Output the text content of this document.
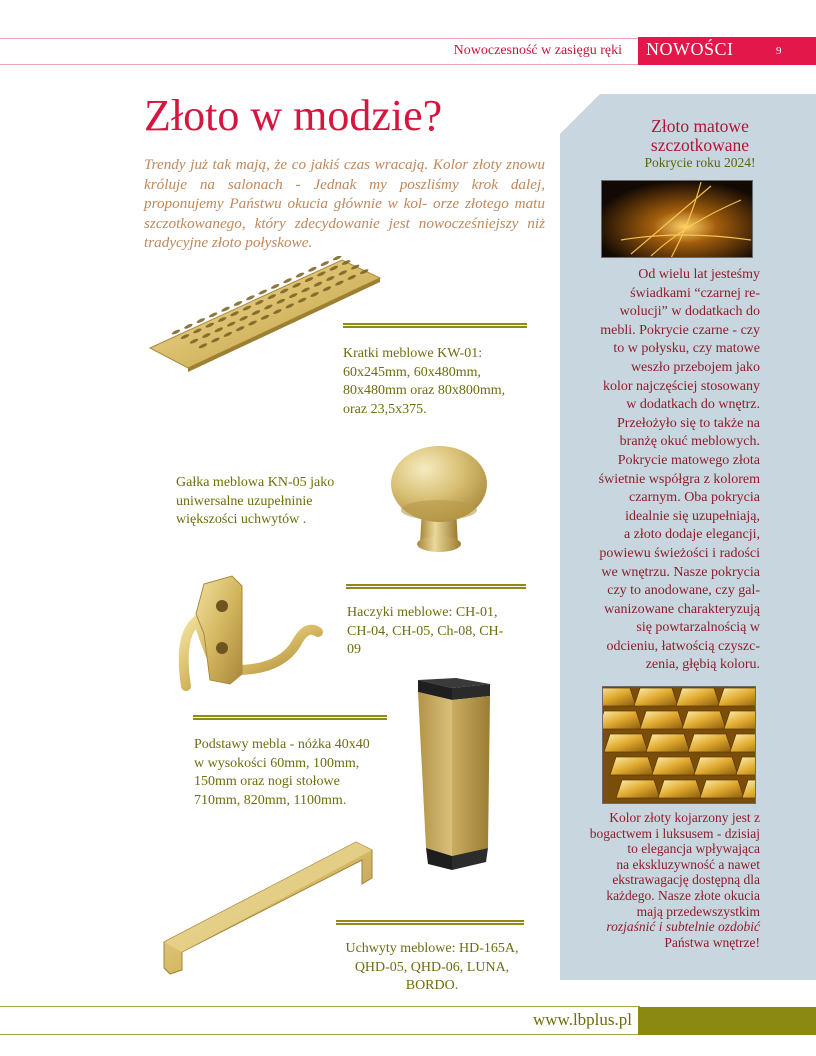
Nowoczesność w zasięgu ręki NOWOŚCI	9
Złoto w modzie?
Trendy już tak mają, że co jakiś czas wracają. Kolor złoty znowu króluje na salonach - Jednak my poszliśmy krok dalej, proponujemy Państwu okucia głównie w kol- orze złotego matu szczotkowanego, który zdecydowanie jest nowocześniejszy niż tradycyjne złoto połyskowe.
Kratki meblowe KW-01:
60x245mm, 60x480mm,
80x480mm oraz 80x800mm,
oraz 23,5x375.
Gałka meblowa KN-05 jako
uniwersalne uzupełninie
większości uchwytów .
Haczyki meblowe: CH-01,
CH-04, CH-05, Ch-08, CH-
09
Podstawy mebla - nóżka 40x40
w wysokości 60mm, 100mm,
150mm oraz nogi stołowe
710mm, 820mm, 1100mm.
Uchwyty meblowe: HD-165A,
QHD-05, QHD-06, LUNA,
BORDO.
Złoto matowe
szczotkowane
Pokrycie roku 2024!
Od wielu lat jesteśmy
świadkami “czarnej re-
wolucji” w dodatkach do
mebli. Pokrycie czarne - czy
to w połysku, czy matowe
weszło przebojem jako
kolor najczęściej stosowany
w dodatkach do wnętrz.
Przełożyło się to także na
branżę okuć meblowych.
Pokrycie matowego złota
świetnie współgra z kolorem
czarnym. Oba pokrycia
idealnie się uzupełniają,
a złoto dodaje elegancji,
powiewu świeżości i radości
we wnętrzu. Nasze pokrycia
czy to anodowane, czy gal-
wanizowane charakteryzują
się powtarzalnością w
odcieniu, łatwością czyszc-
zenia, głębią koloru.
Kolor złoty kojarzony jest z
bogactwem i luksusem - dzisiaj
to elegancja wpływająca
na ekskluzywność a nawet
ekstrawagację dostępną dla
każdego. Nasze złote okucia
mają przedewszystkim
rozjaśnić i subtelnie ozdobić
Państwa wnętrze!
www.lbplus.pl
